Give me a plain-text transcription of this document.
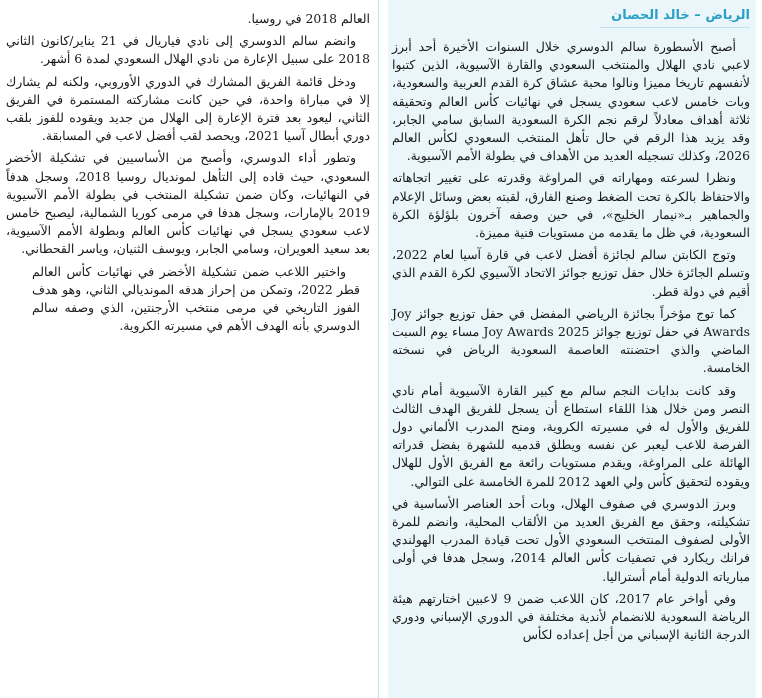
الرياض – خالد الحصان

أصبح الأسطورة سالم الدوسري خلال السنوات الأخيرة أحد أبرز لاعبي نادي الهلال والمنتخب السعودي والقارة الآسيوية، الذين كتبوا لأنفسهم تاريخا مميزا ونالوا محبة عشاق كرة القدم العربية والسعودية، وبات خامس لاعب سعودي يسجل في نهائيات كأس العالم وتحقيقه ثلاثة أهداف معادلاً لرقم نجم الكرة السعودية السابق سامي الجابر، وقد يزيد هذا الرقم في حال تأهل المنتخب السعودي لكأس العالم 2026، وكذلك تسجيله العديد من الأهداف في بطولة الأمم الآسيوية.

ونظرا لسرعته ومهاراته في المراوغة وقدرته على تغيير اتجاهاته والاحتفاظ بالكرة تحت الضغط وصنع الفارق، لقبته بعض وسائل الإعلام والجماهير بـ«نيمار الخليج»، في حين وصفه آخرون بلؤلؤة الكرة السعودية، في ظل ما يقدمه من مستويات فنية مميزة.

وتوج الكابتن سالم لجائزة أفضل لاعب في قارة آسيا لعام 2022، وتسلم الجائزة خلال حفل توزيع جوائز الاتحاد الآسيوي لكرة القدم الذي أقيم في دولة قطر.

كما توج مؤخراً بجائزة الرياضي المفضل في حفل توزيع جوائز Joy Awards في حفل توزيع جوائز Joy Awards 2025 مساء يوم السبت الماضي والذي احتضنته العاصمة السعودية الرياض في نسخته الخامسة.

وقد كانت بدايات النجم سالم مع كبير القارة الآسيوية أمام نادي النصر ومن خلال هذا اللقاء استطاع أن يسجل للفريق الهدف الثالث للفريق والأول له في مسيرته الكروية، ومنح المدرب الألماني دول الفرصة للاعب ليعبر عن نفسه ويطلق قدميه للشهرة بفضل قدراته الهائلة على المراوغة، ويقدم مستويات رائعة مع الفريق الأول للهلال ويقوده لتحقيق كأس ولي العهد 2012 للمرة الخامسة على التوالي.

وبرز الدوسري في صفوف الهلال، وبات أحد العناصر الأساسية في تشكيلته، وحقق مع الفريق العديد من الألقاب المحلية، وانضم للمرة الأولى لصفوف المنتخب السعودي الأول تحت قيادة المدرب الهولندي فرانك ريكارد في تصفيات كأس العالم 2014، وسجل هدفا في أولى مبارياته الدولية أمام أستراليا.

وفي أواخر عام 2017، كان اللاعب ضمن 9 لاعبين اختارتهم هيئة الرياضة السعودية للانضمام لأندية مختلفة في الدوري الإسباني ودوري الدرجة الثانية الإسباني من أجل إعداده لكأس

العالم 2018 في روسيا.

وانضم سالم الدوسري إلى نادي فياريال في 21 يناير/كانون الثاني 2018 على سبيل الإعارة من نادي الهلال السعودي لمدة 6 أشهر.

ودخل قائمة الفريق المشارك في الدوري الأوروبي، ولكنه لم يشارك إلا في مباراة واحدة، في حين كانت مشاركته المستمرة في الفريق الثاني، ليعود بعد فترة الإعارة إلى الهلال من جديد ويقوده للفوز بلقب دوري أبطال آسيا 2021، ويحصد لقب أفضل لاعب في المسابقة.

وتطور أداء الدوسري، وأصبح من الأساسيين في تشكيلة الأخضر السعودي، حيث قاده إلى التأهل لمونديال روسيا 2018، وسجل هدفاً في النهائيات، وكان ضمن تشكيلة المنتخب في بطولة الأمم الآسيوية 2019 بالإمارات، وسجل هدفا في مرمى كوريا الشمالية، ليصبح خامس لاعب سعودي يسجل في نهائيات كأس العالم وبطولة الأمم الآسيوية، بعد سعيد العويران، وسامي الجابر، ويوسف الثنيان، وياسر القحطاني.

واختير اللاعب ضمن تشكيلة الأخضر في نهائيات كأس العالم قطر 2022، وتمكن من إحراز هدفه المونديالي الثاني، وهو هدف الفوز التاريخي في مرمى منتخب الأرجنتين، الذي وصفه سالم الدوسري بأنه الهدف الأهم في مسيرته الكروية.
